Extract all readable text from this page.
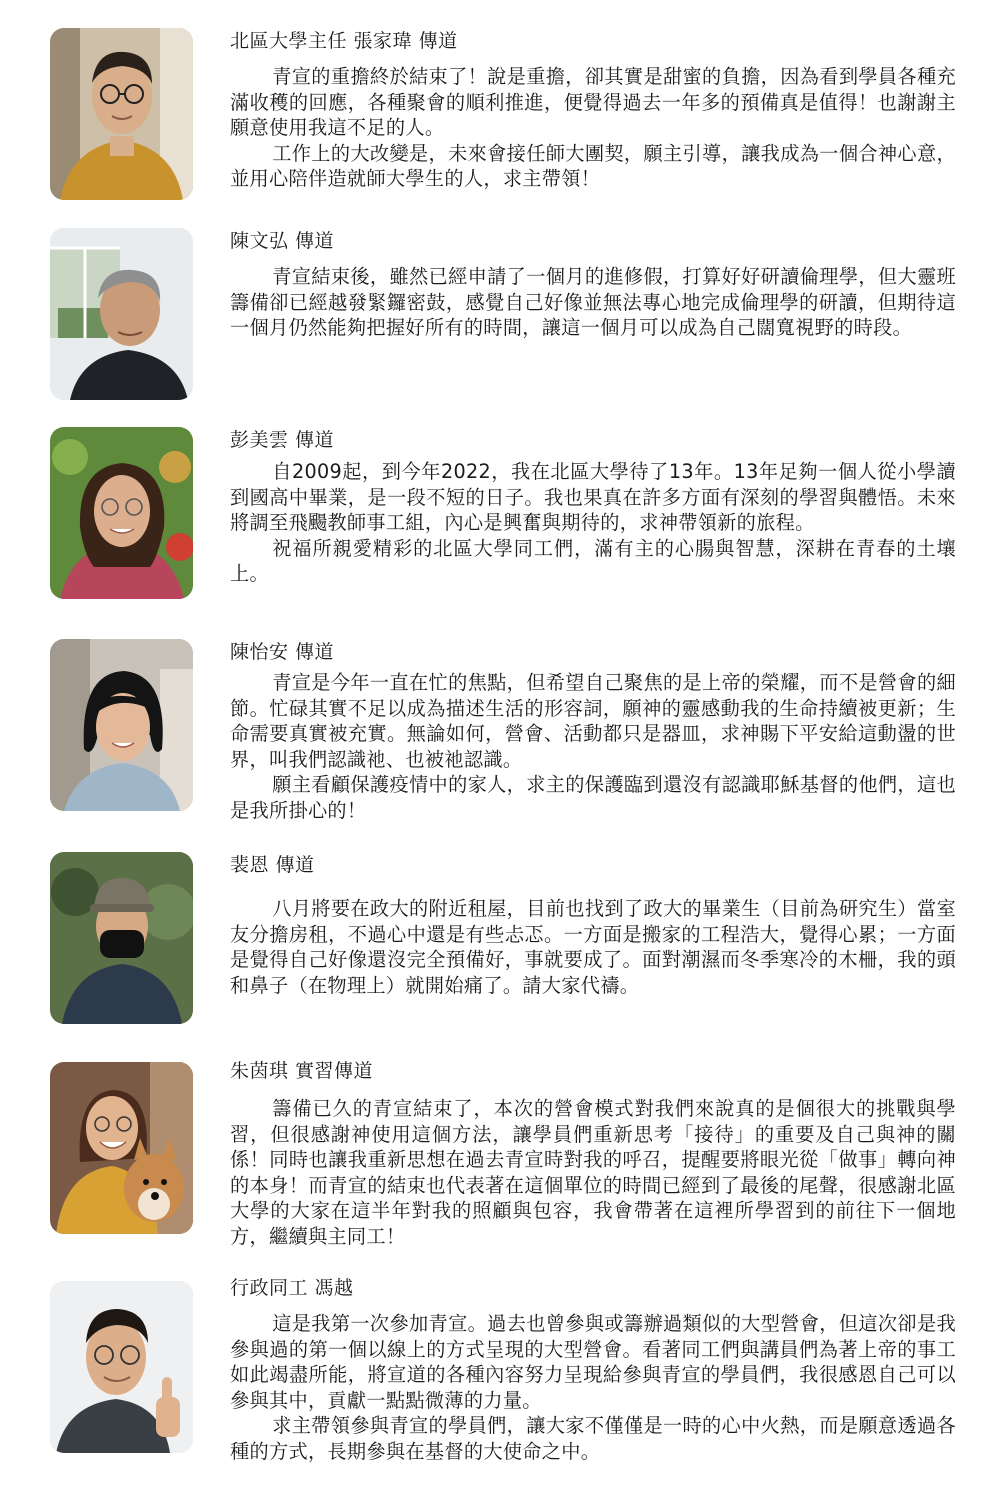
北區大學主任 張家瑋 傳道

青宣的重擔終於結束了！說是重擔，卻其實是甜蜜的負擔，因為看到學員各種充滿收穫的回應，各種聚會的順利推進，便覺得過去一年多的預備真是值得！也謝謝主願意使用我這不足的人。

工作上的大改變是，未來會接任師大團契，願主引導，讓我成為一個合神心意，並用心陪伴造就師大學生的人，求主帶領！

陳文弘 傳道

青宣結束後，雖然已經申請了一個月的進修假，打算好好研讀倫理學，但大靈班籌備卻已經越發緊鑼密鼓，感覺自己好像並無法專心地完成倫理學的研讀，但期待這一個月仍然能夠把握好所有的時間，讓這一個月可以成為自己闊寬視野的時段。

彭美雲 傳道

自2009起，到今年2022，我在北區大學待了13年。13年足夠一個人從小學讀到國高中畢業，是一段不短的日子。我也果真在許多方面有深刻的學習與體悟。未來將調至飛颺教師事工組，內心是興奮與期待的，求神帶領新的旅程。

祝福所親愛精彩的北區大學同工們，滿有主的心腸與智慧，深耕在青春的土壤上。

陳怡安 傳道

青宣是今年一直在忙的焦點，但希望自己聚焦的是上帝的榮耀，而不是營會的細節。忙碌其實不足以成為描述生活的形容詞，願神的靈感動我的生命持續被更新；生命需要真實被充實。無論如何，營會、活動都只是器皿，求神賜下平安給這動盪的世界，叫我們認識祂、也被祂認識。

願主看顧保護疫情中的家人，求主的保護臨到還沒有認識耶穌基督的他們，這也是我所掛心的！

裴恩 傳道

八月將要在政大的附近租屋，目前也找到了政大的畢業生（目前為研究生）當室友分擔房租，不過心中還是有些忐忑。一方面是搬家的工程浩大，覺得心累；一方面是覺得自己好像還沒完全預備好，事就要成了。面對潮濕而冬季寒冷的木柵，我的頭和鼻子（在物理上）就開始痛了。請大家代禱。

朱茵琪 實習傳道

籌備已久的青宣結束了，本次的營會模式對我們來說真的是個很大的挑戰與學習，但很感謝神使用這個方法，讓學員們重新思考「接待」的重要及自己與神的關係！同時也讓我重新思想在過去青宣時對我的呼召，提醒要將眼光從「做事」轉向神的本身！而青宣的結束也代表著在這個單位的時間已經到了最後的尾聲，很感謝北區大學的大家在這半年對我的照顧與包容，我會帶著在這裡所學習到的前往下一個地方，繼續與主同工！

行政同工 馮越

這是我第一次參加青宣。過去也曾參與或籌辦過類似的大型營會，但這次卻是我參與過的第一個以線上的方式呈現的大型營會。看著同工們與講員們為著上帝的事工如此竭盡所能，將宣道的各種內容努力呈現給參與青宣的學員們，我很感恩自己可以參與其中，貢獻一點點微薄的力量。

求主帶領參與青宣的學員們，讓大家不僅僅是一時的心中火熱，而是願意透過各種的方式，長期參與在基督的大使命之中。
